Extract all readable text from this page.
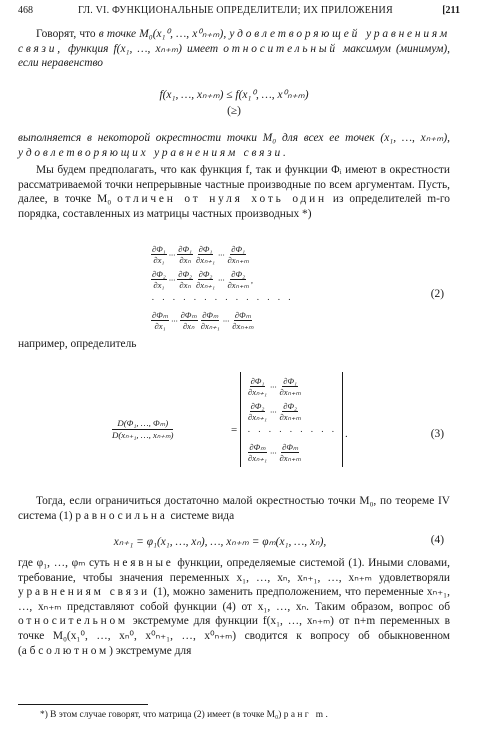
468	ГЛ. VI. ФУНКЦИОНАЛЬНЫЕ ОПРЕДЕЛИТЕЛИ; ИХ ПРИЛОЖЕНИЯ	[211

Говорят, что в точке M₀(x₁⁰, …, x⁰ₙ₊ₘ), удовлетворяющей уравнениям связи, функция f(x₁, …, xₙ₊ₘ) имеет относительный максимум (минимум), если неравенство

f(x₁, …, xₙ₊ₘ) ≤ f(x₁⁰, …, x⁰ₙ₊ₘ)
(≥)

выполняется в некоторой окрестности точки M₀ для всех ее точек (x₁, …, xₙ₊ₘ), удовлетворяющих уравнениям связи.

Мы будем предполагать, что как функция f, так и функции Φᵢ имеют в окрестности рассматриваемой точки непрерывные частные производные по всем аргументам. Пусть, далее, в точке M₀ отличен от нуля хоть один из определителей m-го порядка, составленных из матрицы частных производных *)

$\frac{\text{∂Φ₁}}{\text{∂x₁}}$ ··· $\frac{\text{∂Φ₁}}{\text{∂xₙ}} \frac{\text{∂Φ₁}}{\text{∂xₙ₊₁}}$ ··· $\frac{\text{∂Φ₁}}{\text{∂xₙ₊ₘ}}$
$\frac{\text{∂Φ₂}}{\text{∂x₁}}$ ··· $\frac{\text{∂Φ₂}}{\text{∂xₙ}} \frac{\text{∂Φ₂}}{\text{∂xₙ₊₁}}$ ··· $\frac{\text{∂Φ₂}}{\text{∂xₙ₊ₘ}}$ ,
. . . . . . . . . . . . . .
$\frac{\text{∂Φₘ}}{\text{∂x₁}}$ ··· $\frac{\text{∂Φₘ}}{\text{∂xₙ}} \frac{\text{∂Φₘ}}{\text{∂xₙ₊₁}}$ ··· $\frac{\text{∂Φₘ}}{\text{∂xₙ₊ₘ}}$
(2)

например, определитель

$\frac{\text{D(Φ₁, …, Φₘ)}}{\text{D(xₙ₊₁, …, xₙ₊ₘ)}}$	=
$\frac{\text{∂Φ₁}}{\text{∂xₙ₊₁}}$ ··· $\frac{\text{∂Φ₁}}{\text{∂xₙ₊ₘ}}$
$\frac{\text{∂Φ₂}}{\text{∂xₙ₊₁}}$ ··· $\frac{\text{∂Φ₂}}{\text{∂xₙ₊ₘ}}$
. . . . . . . . .
$\frac{\text{∂Φₘ}}{\text{∂xₙ₊₁}}$ ··· $\frac{\text{∂Φₘ}}{\text{∂xₙ₊ₘ}}$
.	(3)

Тогда, если ограничиться достаточно малой окрестностью точки M₀, по теореме IV система (1) равносильна системе вида

xₙ₊₁ = φ₁(x₁, …, xₙ), …, xₙ₊ₘ = φₘ(x₁, …, xₙ),	(4)

где φ₁, …, φₘ суть неявные функции, определяемые системой (1). Иными словами, требование, чтобы значения переменных x₁, …, xₙ, xₙ₊₁, …, xₙ₊ₘ удовлетворяли уравнениям связи (1), можно заменить предположением, что переменные xₙ₊₁, …, xₙ₊ₘ представляют собой функции (4) от x₁, …, xₙ. Таким образом, вопрос об относительном экстремуме для функции f(x₁, …, xₙ₊ₘ) от n+m переменных в точке M₀(x₁⁰, …, xₙ⁰, x⁰ₙ₊₁, …, x⁰ₙ₊ₘ) сводится к вопросу об обыкновенном (абсолютном) экстремуме для

*) В этом случае говорят, что матрица (2) имеет (в точке M₀) ранг m.
